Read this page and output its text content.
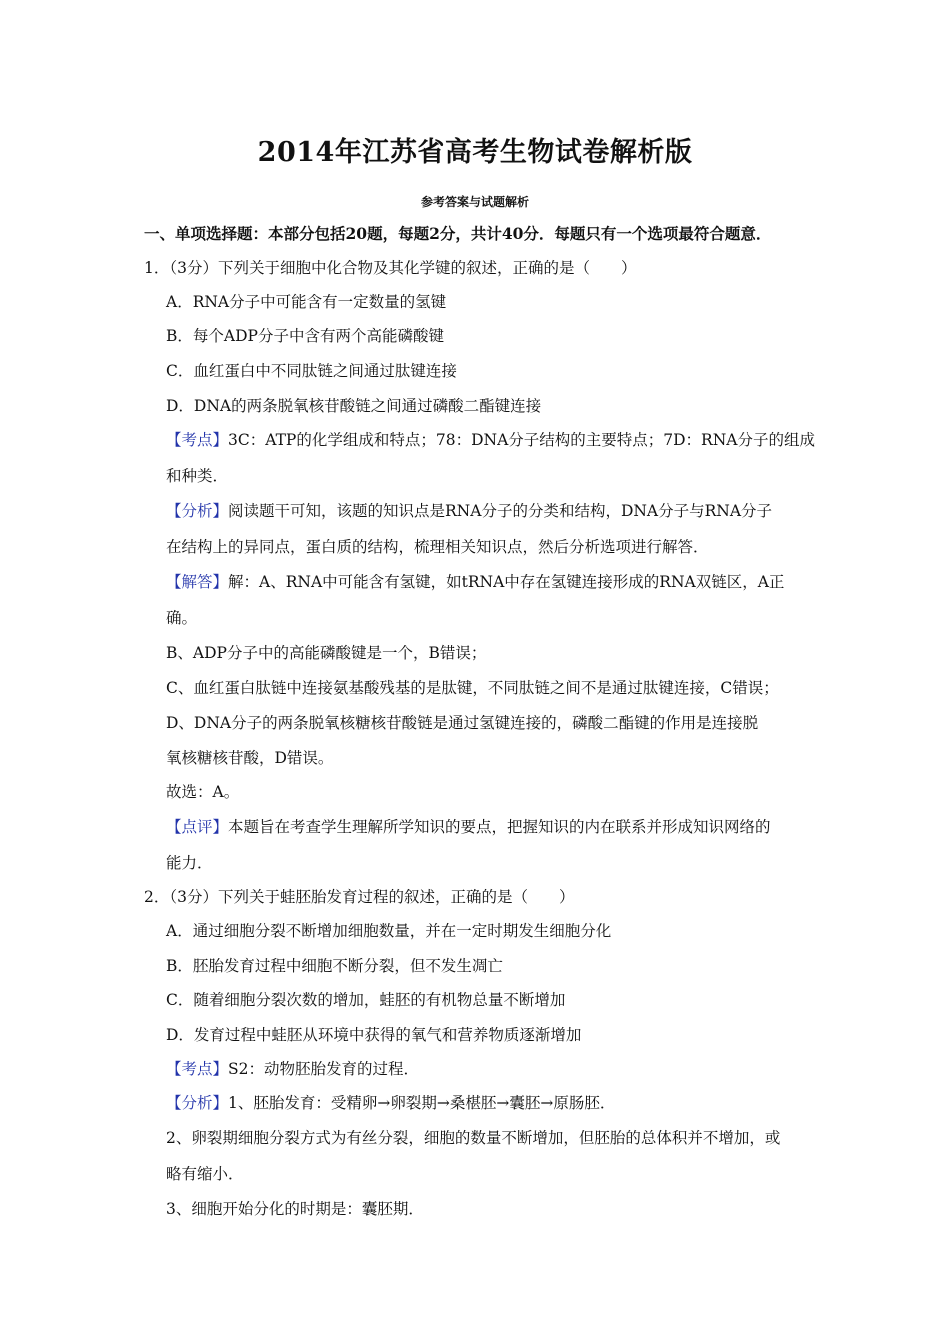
2014年江苏省高考生物试卷解析版
参考答案与试题解析
一、单项选择题：本部分包括20题，每题2分，共计40分．每题只有一个选项最符合题意．
1．（3分）下列关于细胞中化合物及其化学键的叙述，正确的是（　　）
A．RNA分子中可能含有一定数量的氢键
B．每个ADP分子中含有两个高能磷酸键
C．血红蛋白中不同肽链之间通过肽键连接
D．DNA的两条脱氧核苷酸链之间通过磷酸二酯键连接
【考点】3C：ATP的化学组成和特点；78：DNA分子结构的主要特点；7D：RNA分子的组成
和种类．
【分析】阅读题干可知，该题的知识点是RNA分子的分类和结构，DNA分子与RNA分子
在结构上的异同点，蛋白质的结构，梳理相关知识点，然后分析选项进行解答．
【解答】解：A、RNA中可能含有氢键，如tRNA中存在氢键连接形成的RNA双链区，A正
确。
B、ADP分子中的高能磷酸键是一个，B错误；
C、血红蛋白肽链中连接氨基酸残基的是肽键，不同肽链之间不是通过肽键连接，C错误；
D、DNA分子的两条脱氧核糖核苷酸链是通过氢键连接的，磷酸二酯键的作用是连接脱
氧核糖核苷酸，D错误。
故选：A。
【点评】本题旨在考查学生理解所学知识的要点，把握知识的内在联系并形成知识网络的
能力．
2．（3分）下列关于蛙胚胎发育过程的叙述，正确的是（　　）
A．通过细胞分裂不断增加细胞数量，并在一定时期发生细胞分化
B．胚胎发育过程中细胞不断分裂，但不发生凋亡
C．随着细胞分裂次数的增加，蛙胚的有机物总量不断增加
D．发育过程中蛙胚从环境中获得的氧气和营养物质逐渐增加
【考点】S2：动物胚胎发育的过程．
【分析】1、胚胎发育：受精卵→卵裂期→桑椹胚→囊胚→原肠胚．
2、卵裂期细胞分裂方式为有丝分裂，细胞的数量不断增加，但胚胎的总体积并不增加，或
略有缩小．
3、细胞开始分化的时期是：囊胚期．
